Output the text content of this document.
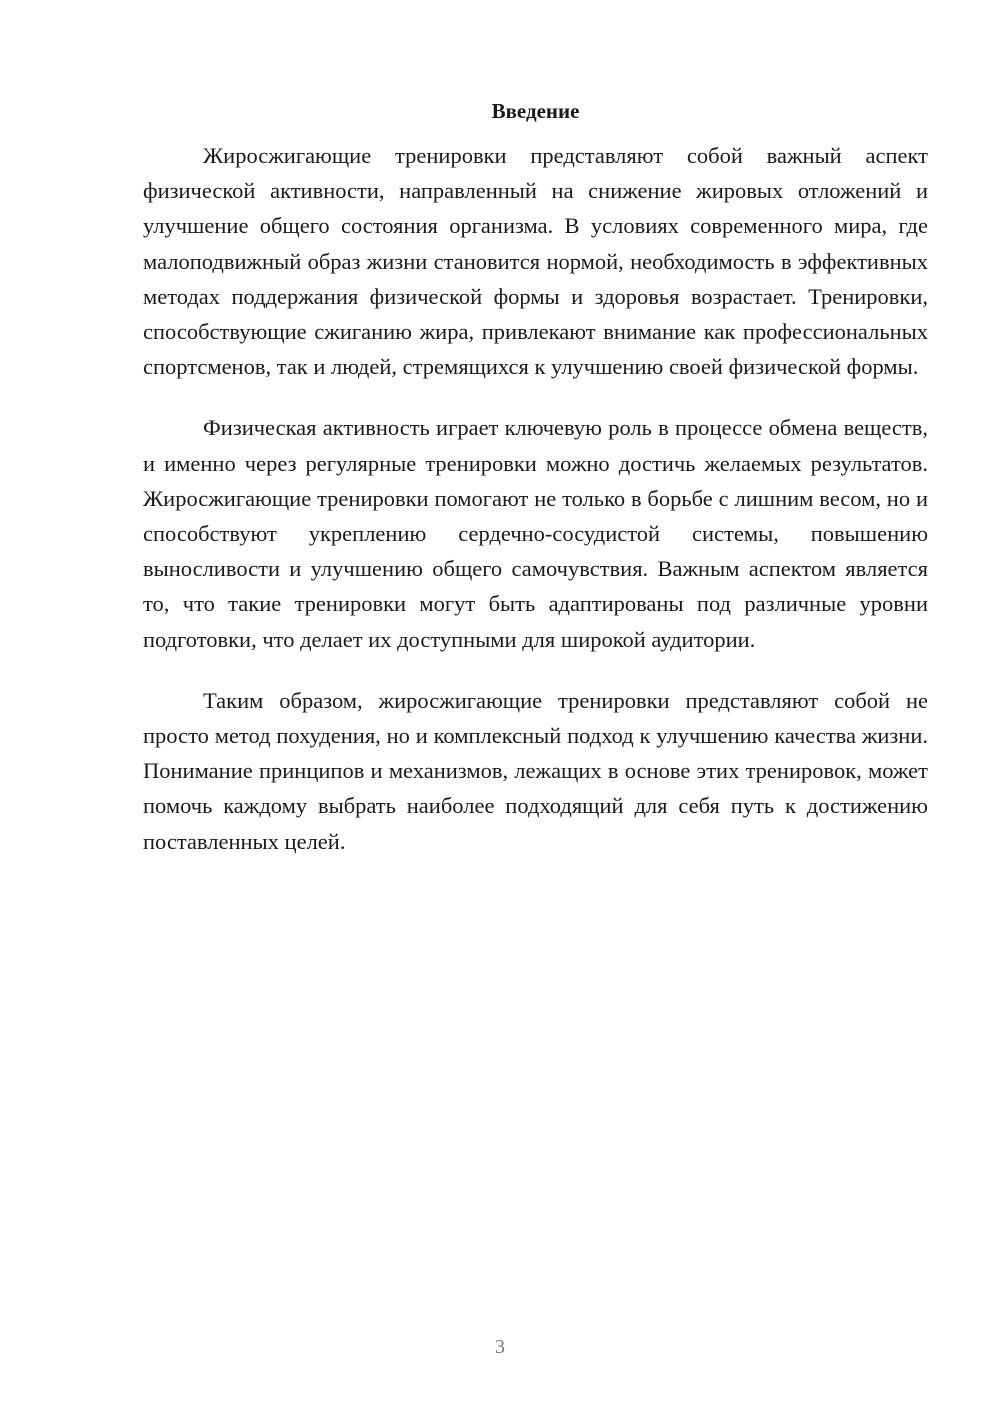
Введение

Жиросжигающие тренировки представляют собой важный аспект физической активности, направленный на снижение жировых отложений и улучшение общего состояния организма. В условиях современного мира, где малоподвижный образ жизни становится нормой, необходимость в эффективных методах поддержания физической формы и здоровья возрастает. Тренировки, способствующие сжиганию жира, привлекают внимание как профессиональных спортсменов, так и людей, стремящихся к улучшению своей физической формы.

Физическая активность играет ключевую роль в процессе обмена веществ, и именно через регулярные тренировки можно достичь желаемых результатов. Жиросжигающие тренировки помогают не только в борьбе с лишним весом, но и способствуют укреплению сердечно-сосудистой системы, повышению выносливости и улучшению общего самочувствия. Важным аспектом является то, что такие тренировки могут быть адаптированы под различные уровни подготовки, что делает их доступными для широкой аудитории.

Таким образом, жиросжигающие тренировки представляют собой не просто метод похудения, но и комплексный подход к улучшению качества жизни. Понимание принципов и механизмов, лежащих в основе этих тренировок, может помочь каждому выбрать наиболее подходящий для себя путь к достижению поставленных целей.

3
